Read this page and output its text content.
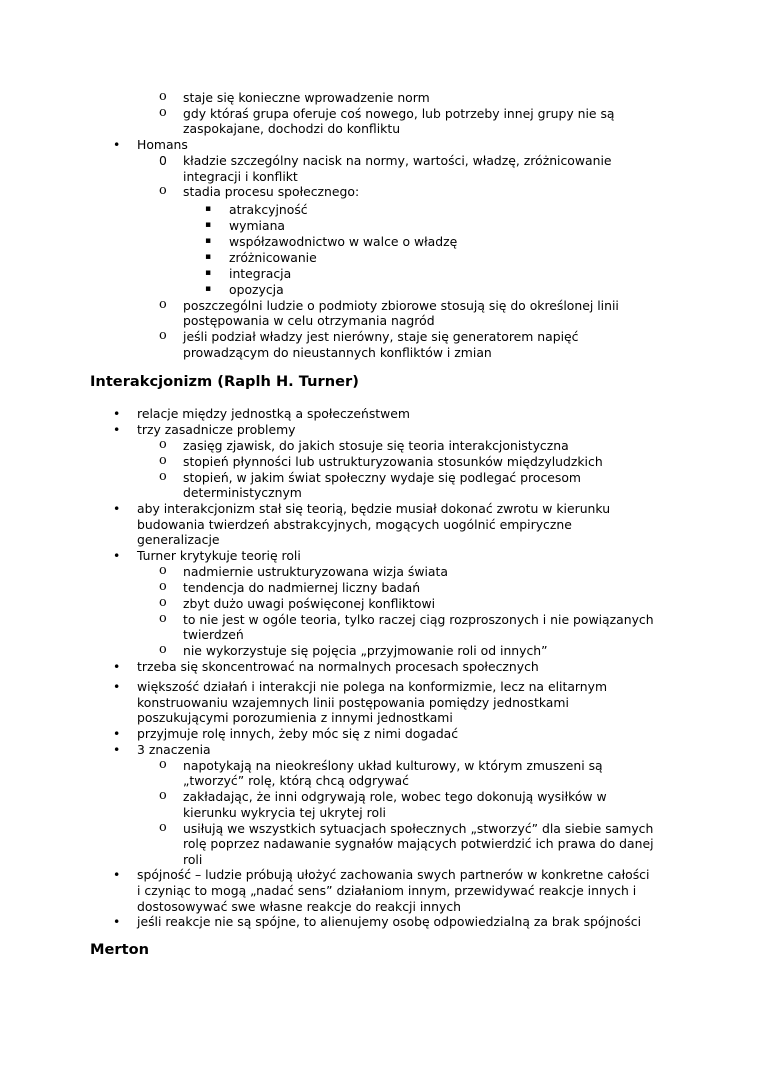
o staje się konieczne wprowadzenie norm
o gdy któraś grupa oferuje coś nowego, lub potrzeby innej grupy nie są
zaspokajane, dochodzi do konfliktu
• Homans
0 kładzie szczególny nacisk na normy, wartości, władzę, zróżnicowanie
integracji i konflikt
o stadia procesu społecznego:
▪ atrakcyjność
▪ wymiana
▪ współzawodnictwo w walce o władzę
▪ zróżnicowanie
▪ integracja
▪ opozycja
o poszczególni ludzie o podmioty zbiorowe stosują się do określonej linii
postępowania w celu otrzymania nagród
o jeśli podział władzy jest nierówny, staje się generatorem napięć
prowadzącym do nieustannych konfliktów i zmian
Interakcjonizm (Raplh H. Turner)
• relacje między jednostką a społeczeństwem
• trzy zasadnicze problemy
o zasięg zjawisk, do jakich stosuje się teoria interakcjonistyczna
o stopień płynności lub ustrukturyzowania stosunków międzyludzkich
o stopień, w jakim świat społeczny wydaje się podlegać procesom
deterministycznym
• aby interakcjonizm stał się teorią, będzie musiał dokonać zwrotu w kierunku
budowania twierdzeń abstrakcyjnych, mogących uogólnić empiryczne
generalizacje
• Turner krytykuje teorię roli
o nadmiernie ustrukturyzowana wizja świata
o tendencja do nadmiernej liczny badań
o zbyt dużo uwagi poświęconej konfliktowi
o to nie jest w ogóle teoria, tylko raczej ciąg rozproszonych i nie powiązanych
twierdzeń
o nie wykorzystuje się pojęcia „przyjmowanie roli od innych”
• trzeba się skoncentrować na normalnych procesach społecznych
• większość działań i interakcji nie polega na konformizmie, lecz na elitarnym
konstruowaniu wzajemnych linii postępowania pomiędzy jednostkami
poszukującymi porozumienia z innymi jednostkami
• przyjmuje rolę innych, żeby móc się z nimi dogadać
• 3 znaczenia
o napotykają na nieokreślony układ kulturowy, w którym zmuszeni są
„tworzyć” rolę, którą chcą odgrywać
o zakładając, że inni odgrywają role, wobec tego dokonują wysiłków w
kierunku wykrycia tej ukrytej roli
o usiłują we wszystkich sytuacjach społecznych „stworzyć” dla siebie samych
rolę poprzez nadawanie sygnałów mających potwierdzić ich prawa do danej
roli
• spójność – ludzie próbują ułożyć zachowania swych partnerów w konkretne całości
i czyniąc to mogą „nadać sens” działaniom innym, przewidywać reakcje innych i
dostosowywać swe własne reakcje do reakcji innych
• jeśli reakcje nie są spójne, to alienujemy osobę odpowiedzialną za brak spójności
Merton
